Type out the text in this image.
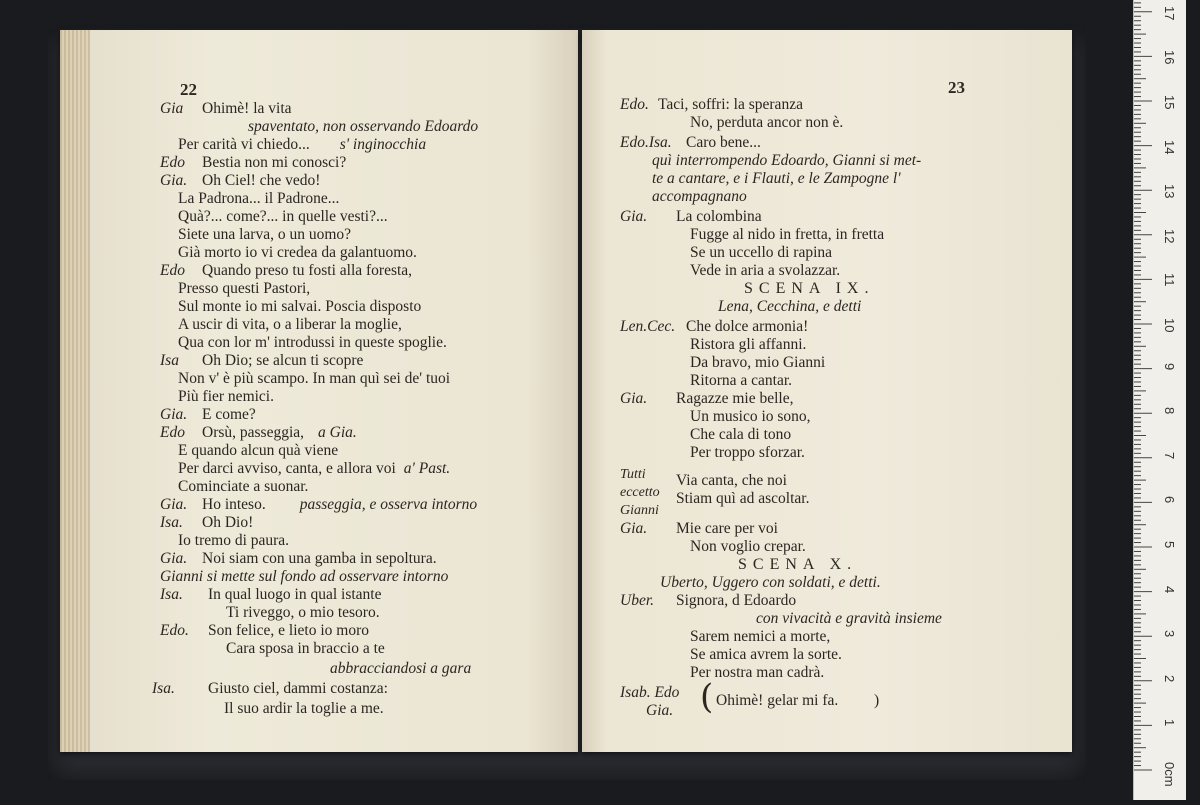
22	23
Gia Ohimè! la vita
spaventato, non osservando Edoardo
Per carità vi chiedo... s' inginocchia
Edo Bestia non mi conosci?
Gia. Oh Ciel! che vedo!
La Padrona... il Padrone...
Quà?... come?... in quelle vesti?...
Siete una larva, o un uomo?
Già morto io vi credea da galantuomo.
Edo Quando preso tu fosti alla foresta,
Presso questi Pastori,
Sul monte io mi salvai. Poscia disposto
A uscir di vita, o a liberar la moglie,
Qua con lor m' introdussi in queste spoglie.
Isa Oh Dio; se alcun ti scopre
Non v' è più scampo. In man quì sei de' tuoi
Più fier nemici.
Gia. E come?
Edo Orsù, passeggia, a Gia.
E quando alcun quà viene
Per darci avviso, canta, e allora voi a' Past.
Cominciate a suonar.
Gia. Ho inteso. passeggia, e osserva intorno
Isa. Oh Dio!
Io tremo di paura.
Gia. Noi siam con una gamba in sepoltura.
Gianni si mette sul fondo ad osservare intorno
Isa. In qual luogo in qual istante
Ti riveggo, o mio tesoro.
Edo. Son felice, e lieto io moro
Cara sposa in braccio a te
abbracciandosi a gara
Isa. Giusto ciel, dammi costanza:
Il suo ardir la toglie a me.
Edo. Taci, soffri: la speranza
No, perduta ancor non è.
Edo.Isa. Caro bene...
quì interrompendo Edoardo, Gianni si met-
te a cantare, e i Flauti, e le Zampogne l'
accompagnano
Gia. La colombina
Fugge al nido in fretta, in fretta
Se un uccello di rapina
Vede in aria a svolazzar.
SCENA IX.
Lena, Cecchina, e detti
Len.Cec. Che dolce armonia!
Ristora gli affanni.
Da bravo, mio Gianni
Ritorna a cantar.
Gia. Ragazze mie belle,
Un musico io sono,
Che cala di tono
Per troppo sforzar.
Tutti
eccetto
Via canta, che noi
Gianni
Stiam quì ad ascoltar.
Gia. Mie care per voi
Non voglio crepar.
SCENA X.
Uberto, Uggero con soldati, e detti.
Uber. Signora, d Edoardo
con vivacità e gravità insieme
Sarem nemici a morte,
Se amica avrem la sorte.
Per nostra man cadrà.
Isab. Edo
Gia. ( Ohimè! gelar mi fa. )
1
2
3
4
5
6
7
8
9
10
11
12
13
14
15
16
17
0cm
